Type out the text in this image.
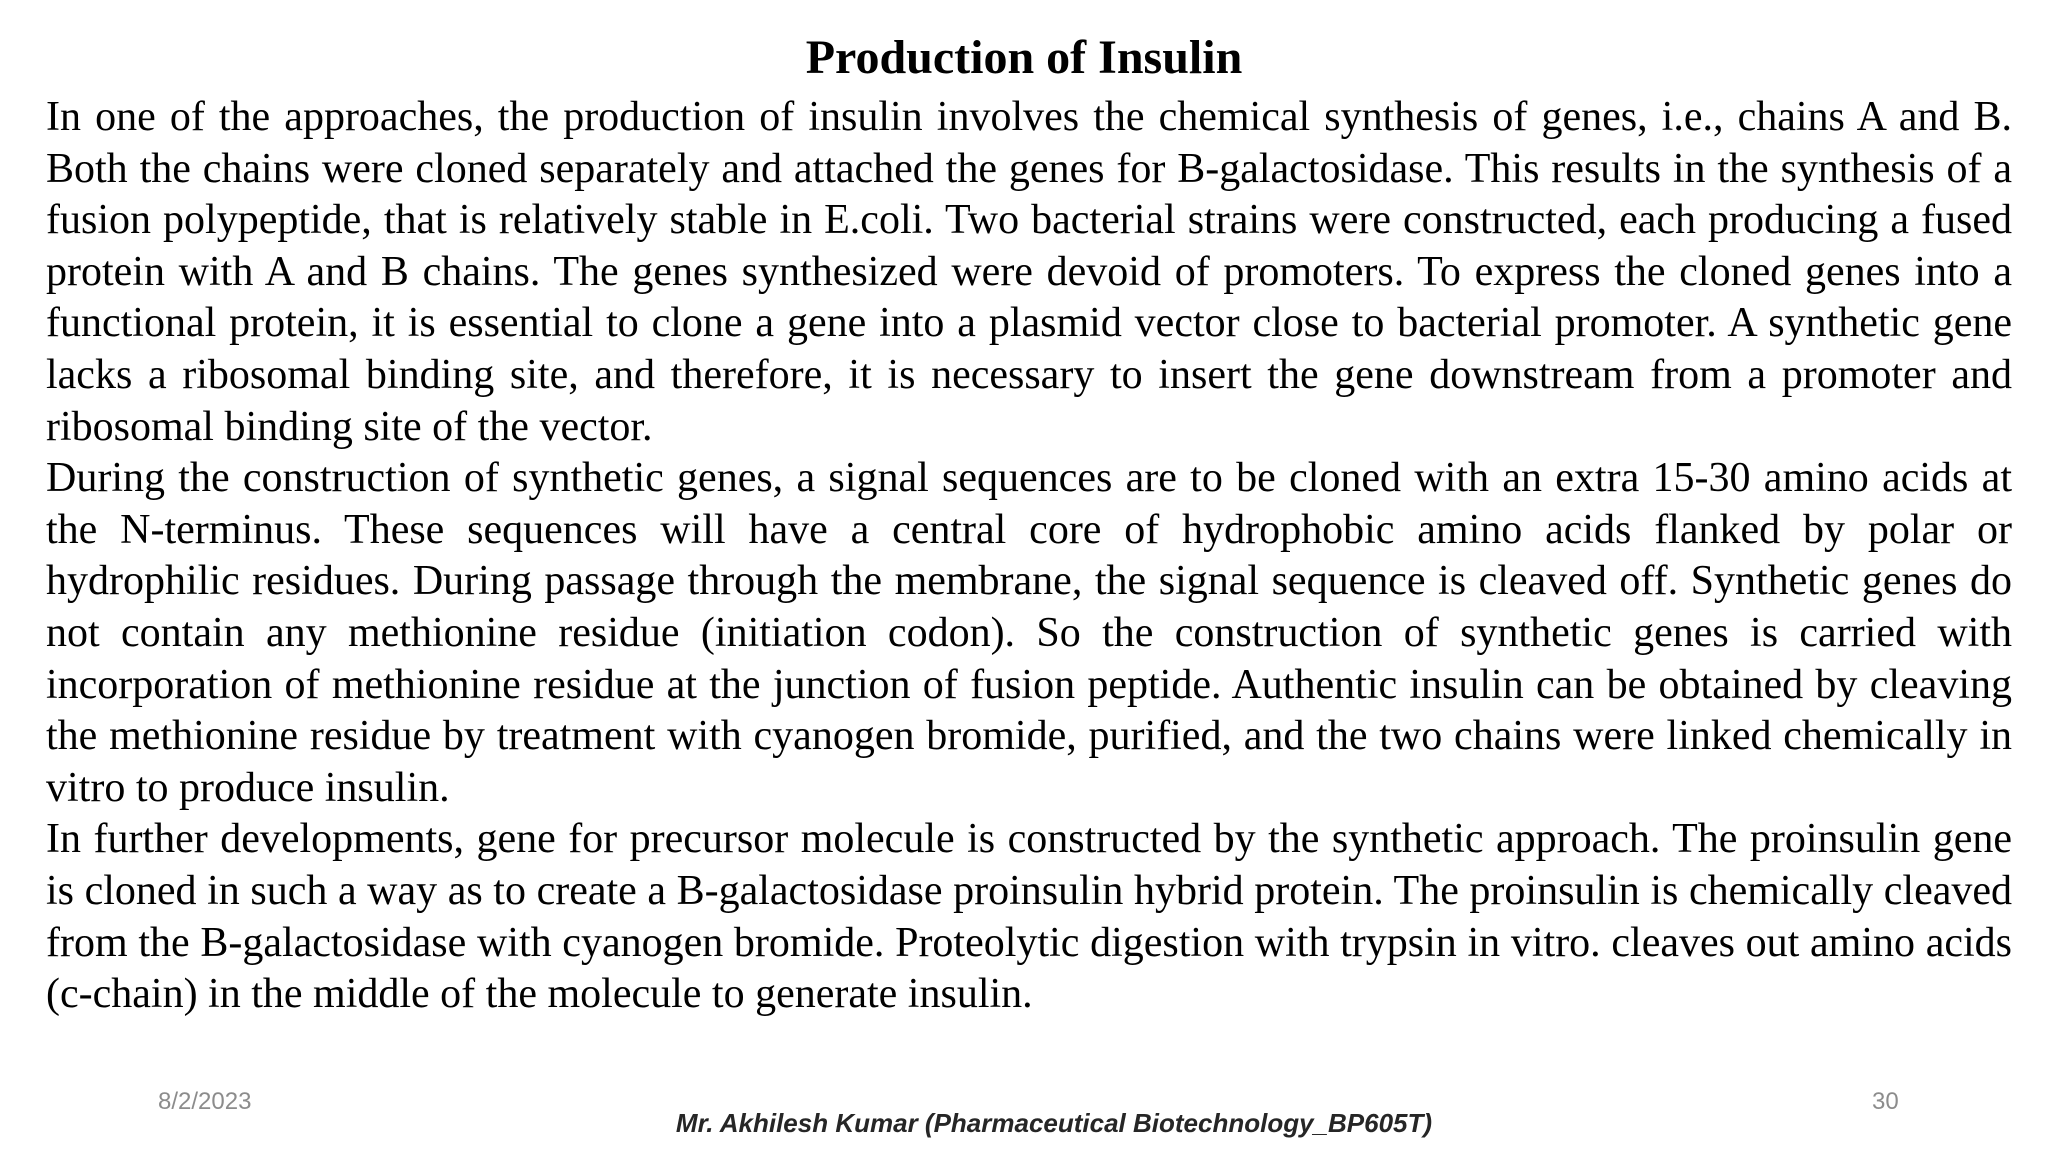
Production of Insulin

In one of the approaches, the production of insulin involves the chemical synthesis of genes, i.e., chains A and B. Both the chains were cloned separately and attached the genes for B-galactosidase. This results in the synthesis of a fusion polypeptide, that is relatively stable in E.coli. Two bacterial strains were constructed, each producing a fused protein with A and B chains. The genes synthesized were devoid of promoters. To express the cloned genes into a functional protein, it is essential to clone a gene into a plasmid vector close to bacterial promoter. A synthetic gene lacks a ribosomal binding site, and therefore, it is necessary to insert the gene downstream from a promoter and ribosomal binding site of the vector.

During the construction of synthetic genes, a signal sequences are to be cloned with an extra 15-30 amino acids at the N-terminus. These sequences will have a central core of hydrophobic amino acids flanked by polar or hydrophilic residues. During passage through the membrane, the signal sequence is cleaved off. Synthetic genes do not contain any methionine residue (initiation codon). So the construction of synthetic genes is carried with incorporation of methionine residue at the junction of fusion peptide. Authentic insulin can be obtained by cleaving the methionine residue by treatment with cyanogen bromide, purified, and the two chains were linked chemically in vitro to produce insulin.

In further developments, gene for precursor molecule is constructed by the synthetic approach. The proinsulin gene is cloned in such a way as to create a B-galactosidase proinsulin hybrid protein. The proinsulin is chemically cleaved from the B-galactosidase with cyanogen bromide. Proteolytic digestion with trypsin in vitro. cleaves out amino acids (c-chain) in the middle of the molecule to generate insulin.

8/2/2023
Mr. Akhilesh Kumar (Pharmaceutical Biotechnology_BP605T)
30
